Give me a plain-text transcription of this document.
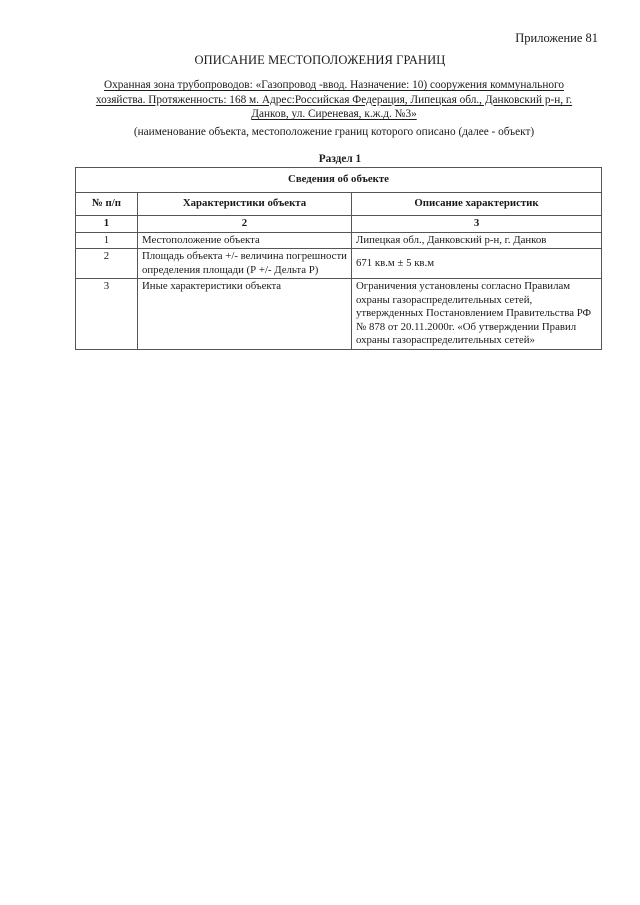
Приложение 81
ОПИСАНИЕ МЕСТОПОЛОЖЕНИЯ ГРАНИЦ
Охранная зона трубопроводов: «Газопровод -ввод. Назначение: 10) сооружения коммунального
хозяйства. Протяженность: 168 м. Адрес:Российская Федерация, Липецкая обл., Данковский р-н, г.
Данков, ул. Сиреневая, к.ж.д. №3»
(наименование объекта, местоположение границ которого описано (далее - объект)
Раздел 1
Сведения об объекте		
№ п/п	Характеристики объекта	Описание характеристик
1	2	3
1	Местоположение объекта	Липецкая обл., Данковский р-н, г. Данков
2	Площадь объекта +/- величина погрешности определения площади (Р +/- Дельта Р)	671 кв.м ± 5 кв.м
3	Иные характеристики объекта	Ограничения установлены согласно Правилам охраны газораспределительных сетей, утвержденных Постановлением Правительства РФ № 878 от 20.11.2000г. «Об утверждении Правил охраны газораспределительных сетей»
